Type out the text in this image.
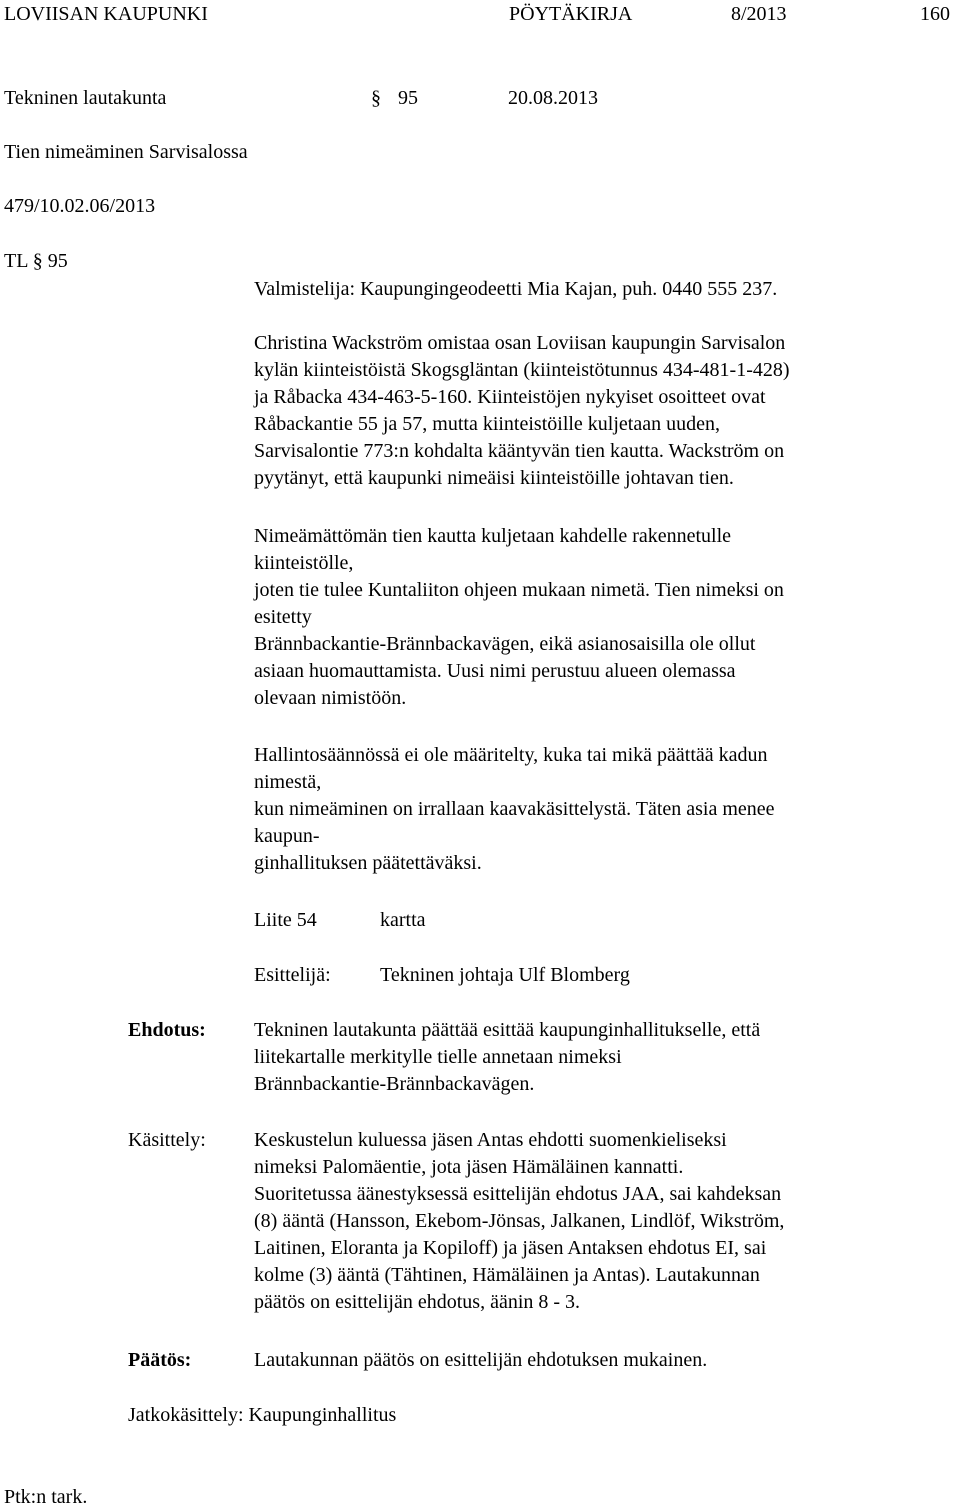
LOVIISAN KAUPUNKI	PÖYTÄKIRJA	8/2013	160
Tekninen lautakunta	§ 95	20.08.2013
Tien nimeäminen Sarvisalossa
479/10.02.06/2013
TL § 95
Valmistelija: Kaupungingeodeetti Mia Kajan, puh. 0440 555 237.
Christina Wackström omistaa osan Loviisan kaupungin Sarvisalon
kylän kiinteistöistä Skogsgläntan (kiinteistötunnus 434-481-1-428)
ja Råbacka 434-463-5-160. Kiinteistöjen nykyiset osoitteet ovat
Råbackantie 55 ja 57, mutta kiinteistöille kuljetaan uuden,
Sarvisalontie 773:n kohdalta kääntyvän tien kautta. Wackström on
pyytänyt, että kaupunki nimeäisi kiinteistöille johtavan tien.
Nimeämättömän tien kautta kuljetaan kahdelle rakennetulle
kiinteistölle,
joten tie tulee Kuntaliiton ohjeen mukaan nimetä. Tien nimeksi on
esitetty
Brännbackantie-Brännbackavägen, eikä asianosaisilla ole ollut
asiaan huomauttamista. Uusi nimi perustuu alueen olemassa
olevaan nimistöön.
Hallintosäännössä ei ole määritelty, kuka tai mikä päättää kadun
nimestä,
kun nimeäminen on irrallaan kaavakäsittelystä. Täten asia menee
kaupun-
ginhallituksen päätettäväksi.
Liite 54	kartta
Esittelijä: Tekninen johtaja Ulf Blomberg
Ehdotus: Tekninen lautakunta päättää esittää kaupunginhallitukselle, että
liitekartalle merkitylle tielle annetaan nimeksi
Brännbackantie-Brännbackavägen.
Käsittely: Keskustelun kuluessa jäsen Antas ehdotti suomenkieliseksi
nimeksi Palomäentie, jota jäsen Hämäläinen kannatti.
Suoritetussa äänestyksessä esittelijän ehdotus JAA, sai kahdeksan
(8) ääntä (Hansson, Ekebom-Jönsas, Jalkanen, Lindlöf, Wikström,
Laitinen, Eloranta ja Kopiloff) ja jäsen Antaksen ehdotus EI, sai
kolme (3) ääntä (Tähtinen, Hämäläinen ja Antas). Lautakunnan
päätös on esittelijän ehdotus, äänin 8 - 3.
Päätös:	Lautakunnan päätös on esittelijän ehdotuksen mukainen.
Jatkokäsittely: Kaupunginhallitus
Ptk:n tark.
